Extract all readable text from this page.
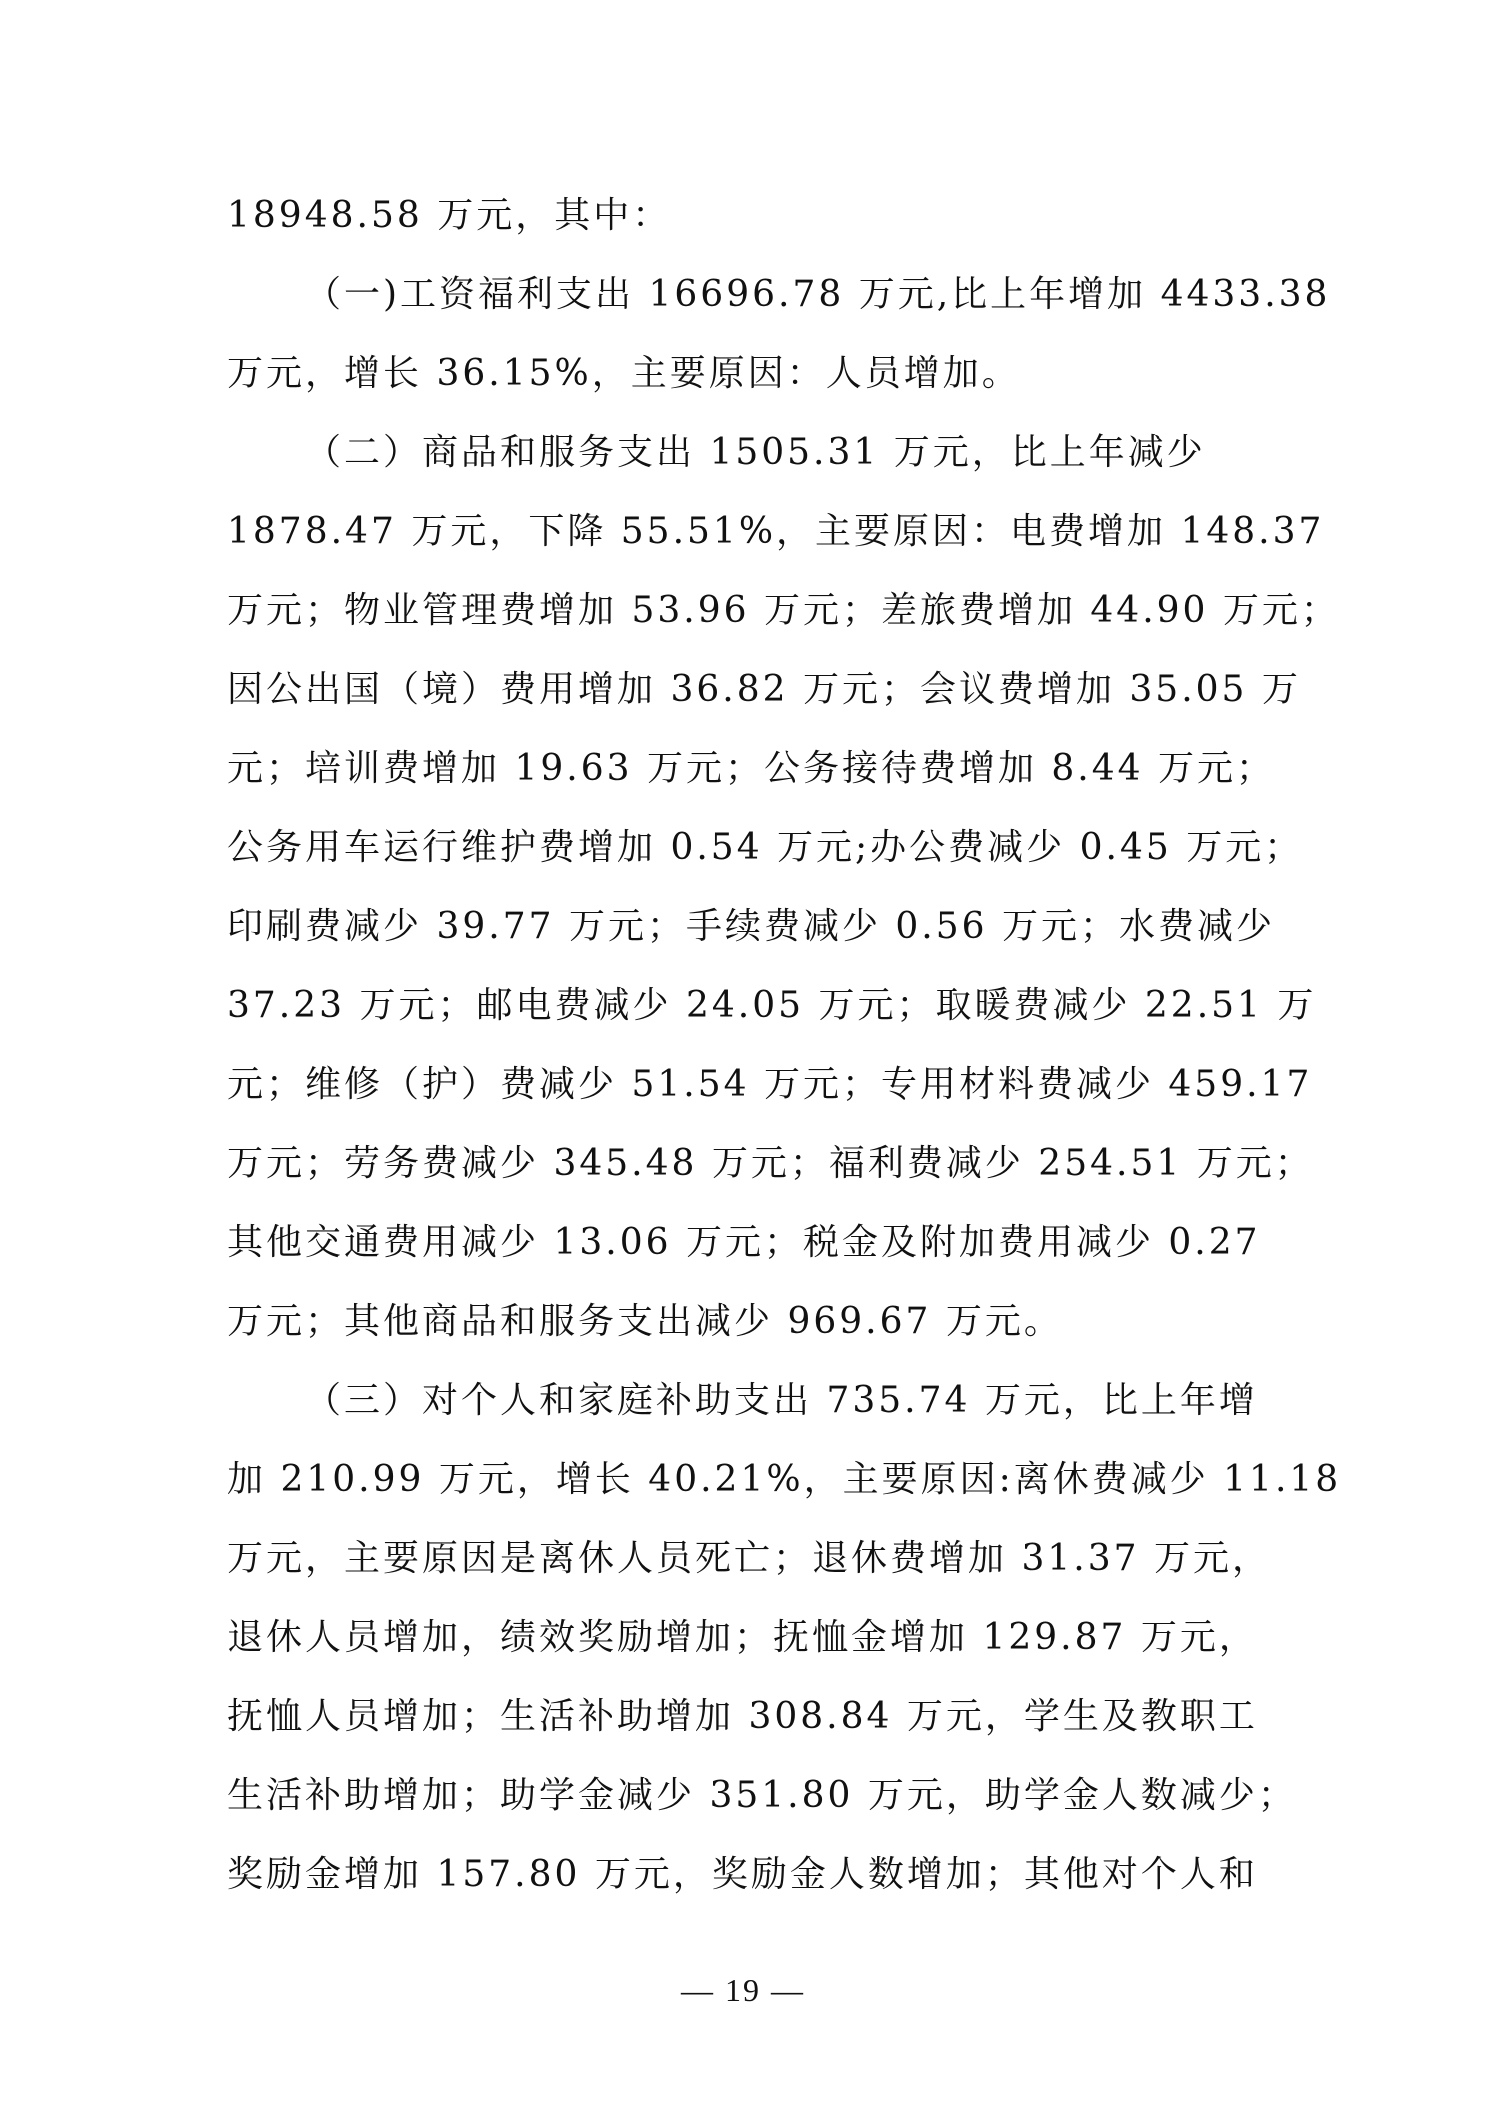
18948.58 万元，其中：
（一)工资福利支出 16696.78 万元,比上年增加 4433.38
万元，增长 36.15%，主要原因：人员增加。
（二）商品和服务支出 1505.31 万元，比上年减少
1878.47 万元，下降 55.51%，主要原因：电费增加 148.37
万元；物业管理费增加 53.96 万元；差旅费增加 44.90 万元；
因公出国（境）费用增加 36.82 万元；会议费增加 35.05 万
元；培训费增加 19.63 万元；公务接待费增加 8.44 万元；
公务用车运行维护费增加 0.54 万元;办公费减少 0.45 万元；
印刷费减少 39.77 万元；手续费减少 0.56 万元；水费减少
37.23 万元；邮电费减少 24.05 万元；取暖费减少 22.51 万
元；维修（护）费减少 51.54 万元；专用材料费减少 459.17
万元；劳务费减少 345.48 万元；福利费减少 254.51 万元；
其他交通费用减少 13.06 万元；税金及附加费用减少 0.27
万元；其他商品和服务支出减少 969.67 万元。
（三）对个人和家庭补助支出 735.74 万元，比上年增
加 210.99 万元，增长 40.21%，主要原因:离休费减少 11.18
万元，主要原因是离休人员死亡；退休费增加 31.37 万元，
退休人员增加，绩效奖励增加；抚恤金增加 129.87 万元，
抚恤人员增加；生活补助增加 308.84 万元，学生及教职工
生活补助增加；助学金减少 351.80 万元，助学金人数减少；
奖励金增加 157.80 万元，奖励金人数增加；其他对个人和
— 19 —
